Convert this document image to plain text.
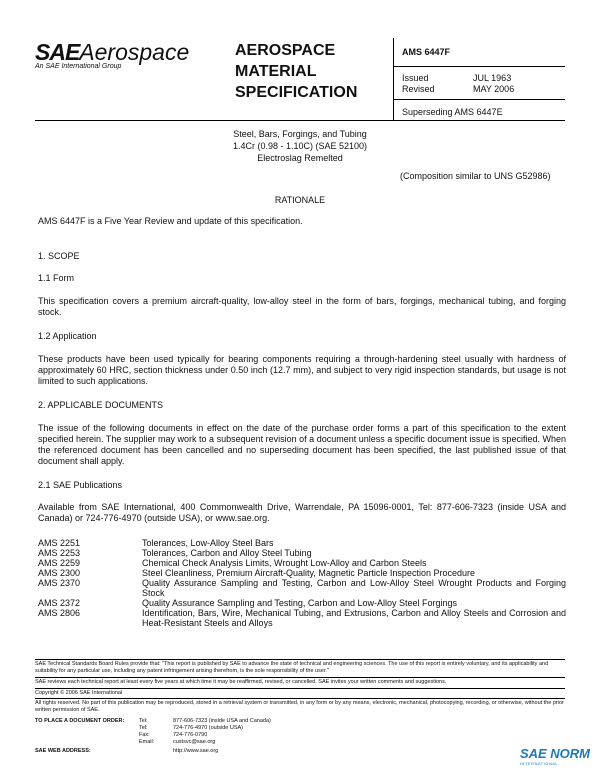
SAEAerospace
An SAE International Group
AEROSPACE
MATERIAL
SPECIFICATION
AMS 6447F
Issued	JUL 1963
Revised	MAY 2006
Superseding AMS 6447E
Steel, Bars, Forgings, and Tubing
1.4Cr (0.98 - 1.10C) (SAE 52100)
Electroslag Remelted
(Composition similar to UNS G52986)
RATIONALE
AMS 6447F is a Five Year Review and update of this specification.
1. SCOPE
1.1 Form
This specification covers a premium aircraft-quality, low-alloy steel in the form of bars, forgings, mechanical tubing, and forging stock.
1.2 Application
These products have been used typically for bearing components requiring a through-hardening steel usually with hardness of approximately 60 HRC, section thickness under 0.50 inch (12.7 mm), and subject to very rigid inspection standards, but usage is not limited to such applications.
2. APPLICABLE DOCUMENTS
The issue of the following documents in effect on the date of the purchase order forms a part of this specification to the extent specified herein. The supplier may work to a subsequent revision of a document unless a specific document issue is specified. When the referenced document has been cancelled and no superseding document has been specified, the last published issue of that document shall apply.
2.1 SAE Publications
Available from SAE International, 400 Commonwealth Drive, Warrendale, PA 15096-0001, Tel: 877-606-7323 (inside USA and Canada) or 724-776-4970 (outside USA), or www.sae.org.
AMS 2251	Tolerances, Low-Alloy Steel Bars
AMS 2253	Tolerances, Carbon and Alloy Steel Tubing
AMS 2259	Chemical Check Analysis Limits, Wrought Low-Alloy and Carbon Steels
AMS 2300	Steel Cleanliness, Premium Aircraft-Quality, Magnetic Particle Inspection Procedure
AMS 2370	Quality Assurance Sampling and Testing, Carbon and Low-Alloy Steel Wrought Products and Forging Stock
AMS 2372	Quality Assurance Sampling and Testing, Carbon and Low-Alloy Steel Forgings
AMS 2806	Identification, Bars, Wire, Mechanical Tubing, and Extrusions, Carbon and Alloy Steels and Corrosion and Heat-Resistant Steels and Alloys
SAE Technical Standards Board Rules provide that: "This report is published by SAE to advance the state of technical and engineering sciences. The use of this report is entirely voluntary, and its applicability and suitability for any particular use, including any patent infringement arising therefrom, is the sole responsibility of the user."
SAE reviews each technical report at least every five years at which time it may be reaffirmed, revised, or cancelled. SAE invites your written comments and suggestions.
Copyright © 2006 SAE International
All rights reserved. No part of this publication may be reproduced, stored in a retrieval system or transmitted, in any form or by any means, electronic, mechanical, photocopying, recording, or otherwise, without the prior written permission of SAE.
TO PLACE A DOCUMENT ORDER:	Tel:	877-606-7323 (inside USA and Canada)
	Tel:	724-776-4970 (outside USA)
	Fax:	724-776-0790
	Email:	custsvc@sae.org
SAE WEB ADDRESS:		http://www.sae.org	SAE NORM
INTERNATIONAL
